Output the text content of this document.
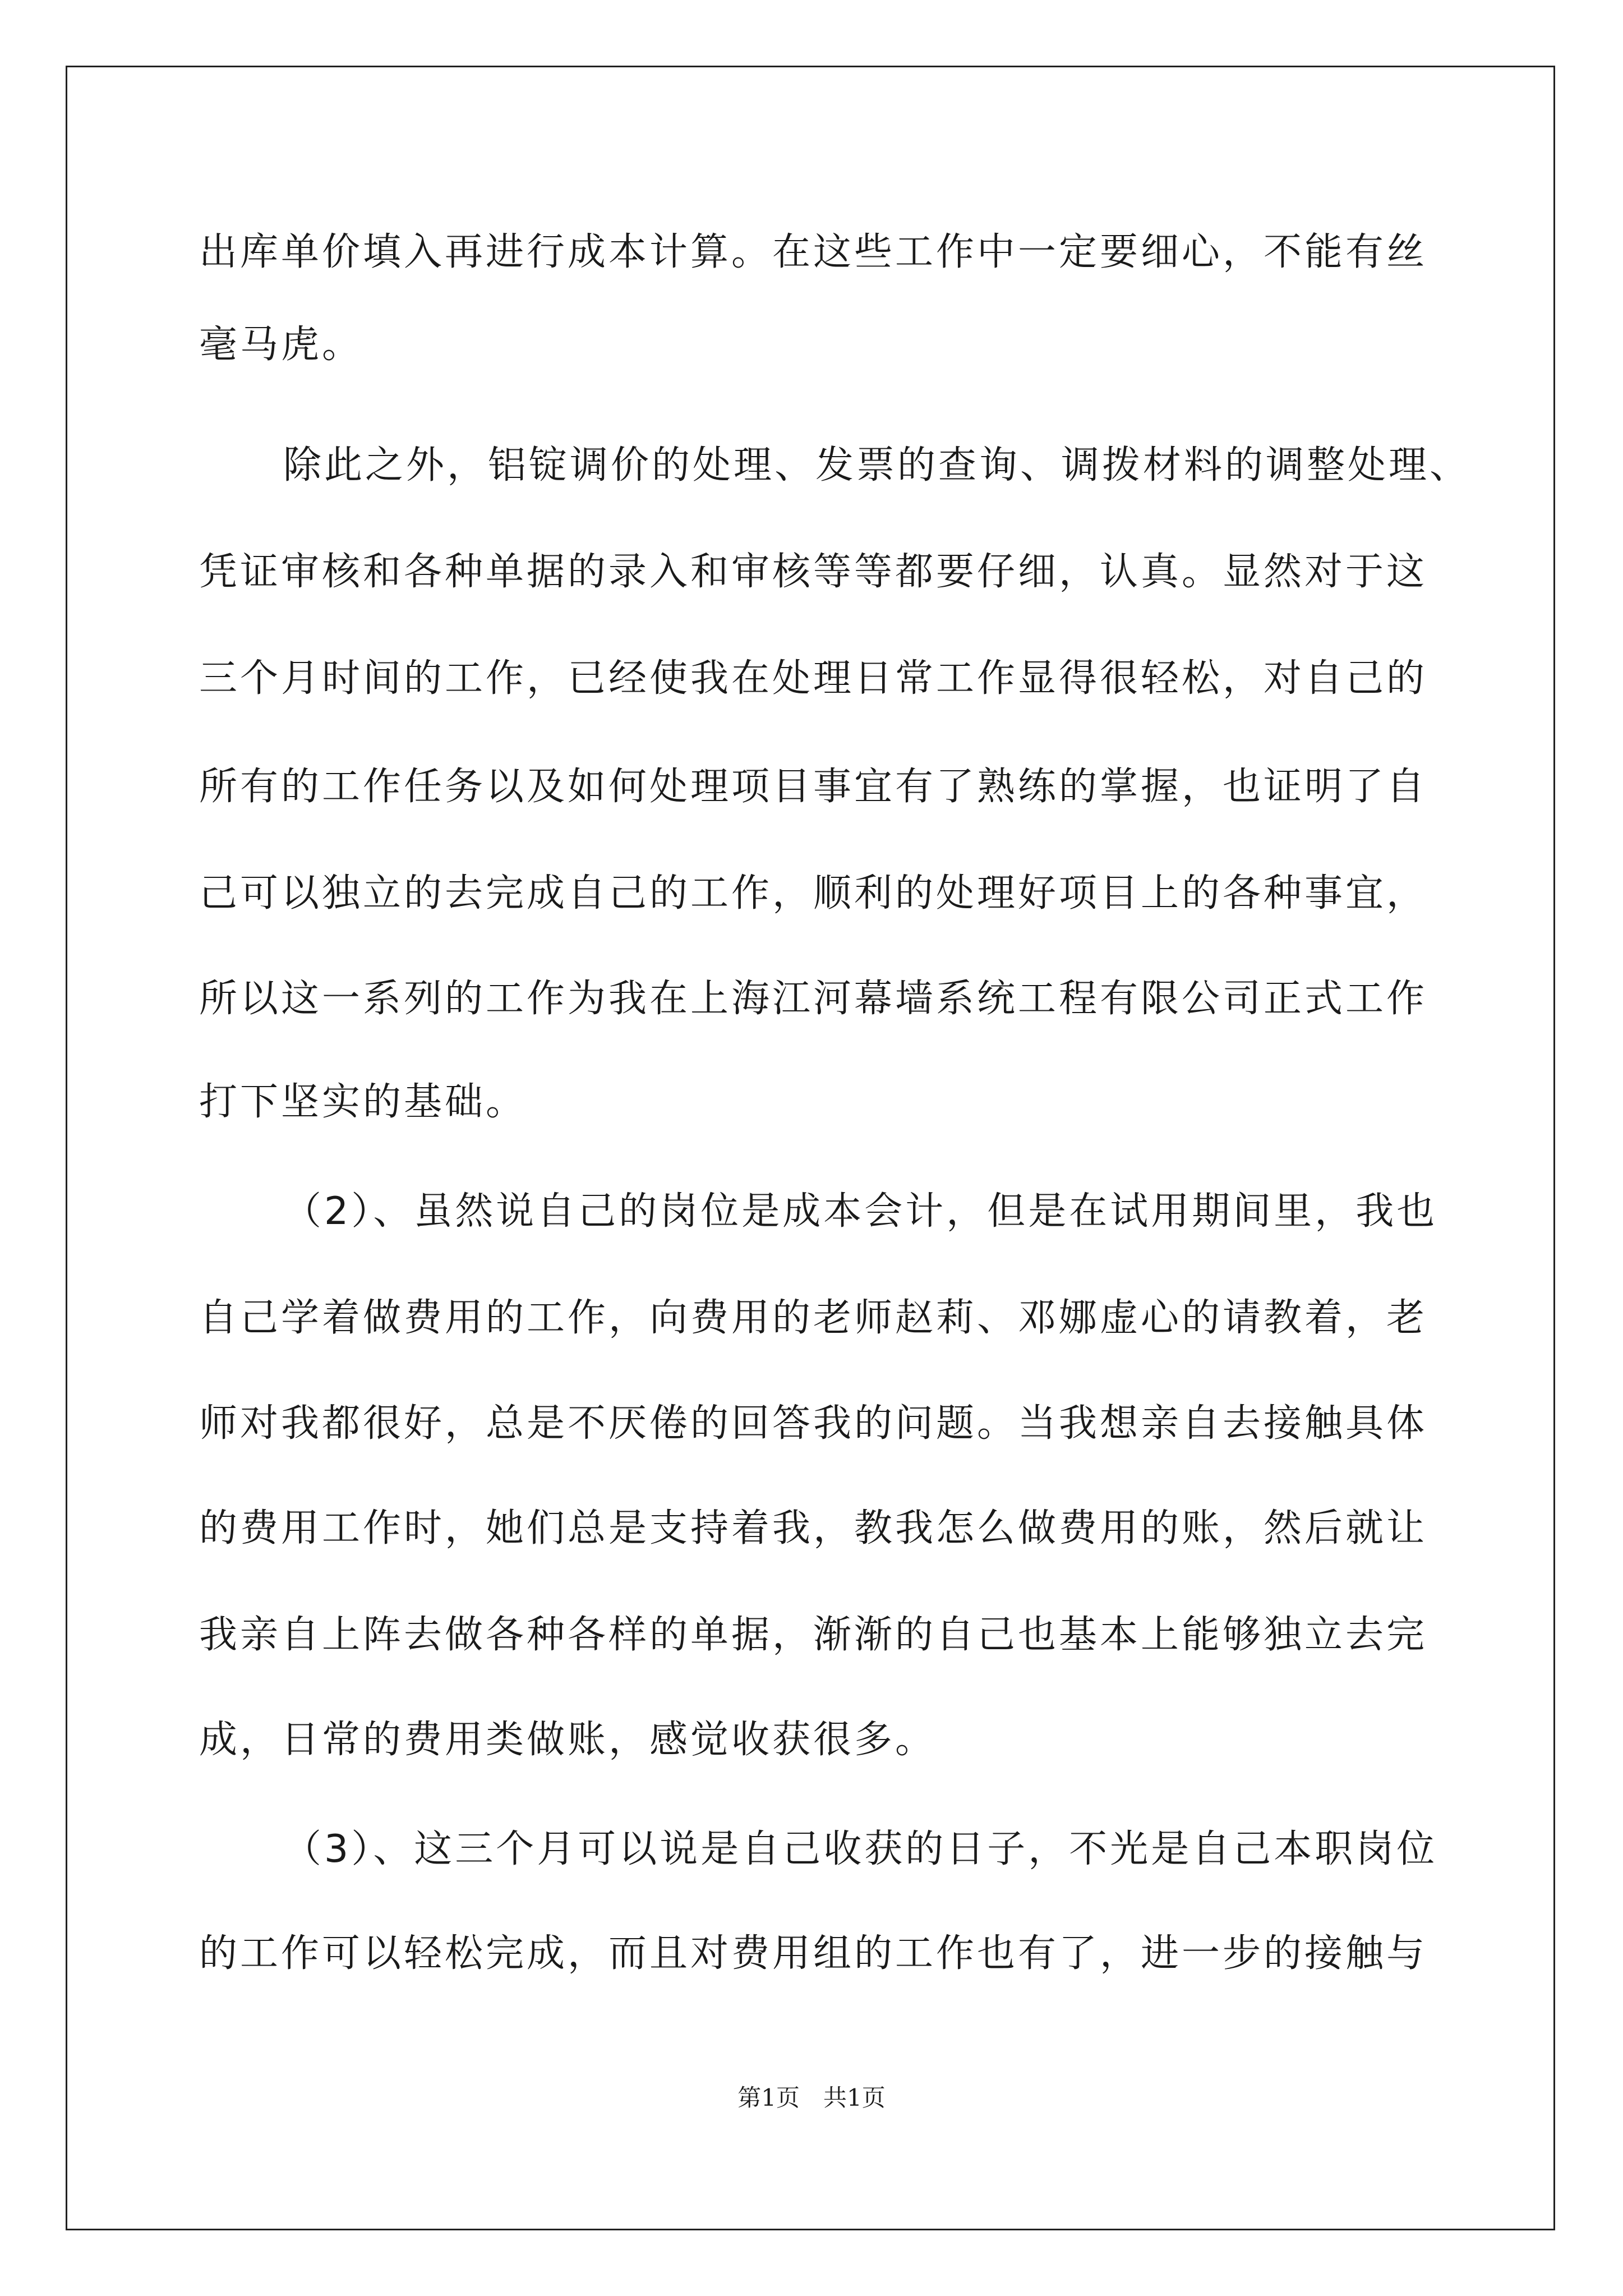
出库单价填入再进行成本计算。在这些工作中一定要细心，不能有丝
毫马虎。
除此之外，铝锭调价的处理、发票的查询、调拨材料的调整处理、
凭证审核和各种单据的录入和审核等等都要仔细，认真。显然对于这
三个月时间的工作，已经使我在处理日常工作显得很轻松，对自己的
所有的工作任务以及如何处理项目事宜有了熟练的掌握，也证明了自
己可以独立的去完成自己的工作，顺利的处理好项目上的各种事宜，
所以这一系列的工作为我在上海江河幕墙系统工程有限公司正式工作
打下坚实的基础。
（2）、虽然说自己的岗位是成本会计，但是在试用期间里，我也
自己学着做费用的工作，向费用的老师赵莉、邓娜虚心的请教着，老
师对我都很好，总是不厌倦的回答我的问题。当我想亲自去接触具体
的费用工作时，她们总是支持着我，教我怎么做费用的账，然后就让
我亲自上阵去做各种各样的单据，渐渐的自己也基本上能够独立去完
成，日常的费用类做账，感觉收获很多。
（3）、这三个月可以说是自己收获的日子，不光是自己本职岗位
的工作可以轻松完成，而且对费用组的工作也有了，进一步的接触与
第1页　共1页
